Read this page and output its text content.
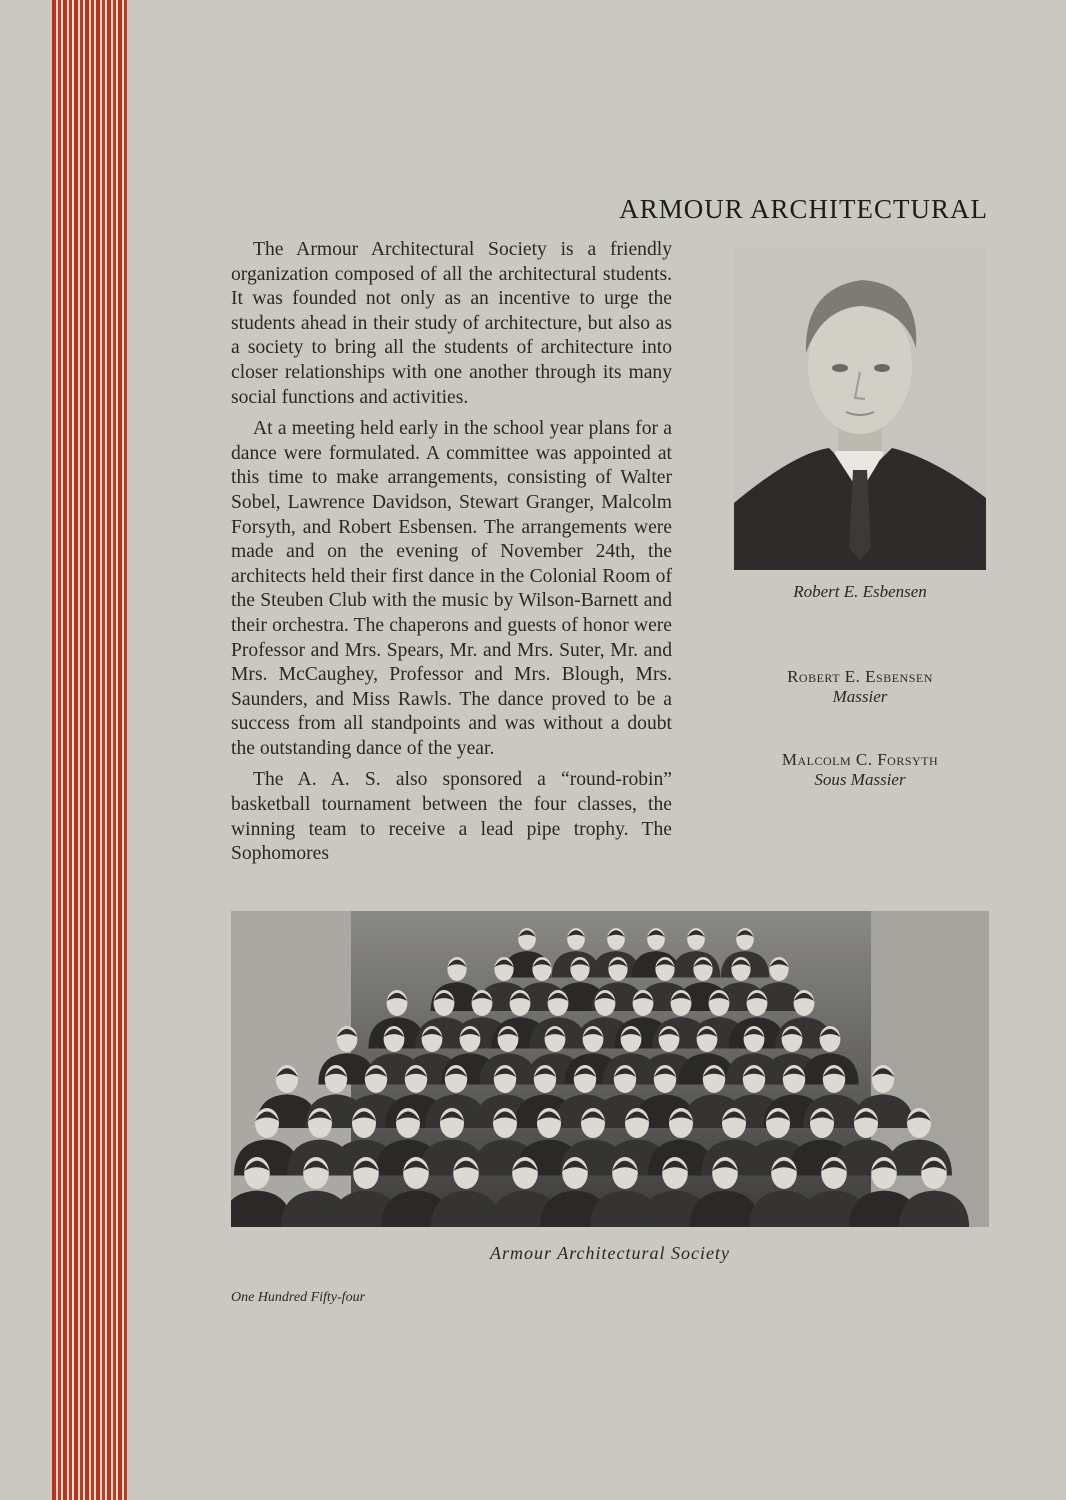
ARMOUR ARCHITECTURAL

The Armour Architectural Society is a friendly organization composed of all the architectural students. It was founded not only as an incentive to urge the students ahead in their study of architecture, but also as a society to bring all the students of architecture into closer relationships with one another through its many social functions and activities.

At a meeting held early in the school year plans for a dance were formulated. A committee was appointed at this time to make arrangements, consisting of Walter Sobel, Lawrence Davidson, Stewart Granger, Malcolm Forsyth, and Robert Esbensen. The arrangements were made and on the evening of November 24th, the architects held their first dance in the Colonial Room of the Steuben Club with the music by Wilson-Barnett and their orchestra. The chaperons and guests of honor were Professor and Mrs. Spears, Mr. and Mrs. Suter, Mr. and Mrs. McCaughey, Professor and Mrs. Blough, Mrs. Saunders, and Miss Rawls. The dance proved to be a success from all standpoints and was without a doubt the outstanding dance of the year.

The A. A. S. also sponsored a “round-robin” basketball tournament between the four classes, the winning team to receive a lead pipe trophy. The Sophomores

Robert E. Esbensen
Robert E. Esbensen
Massier
Malcolm C. Forsyth
Sous Massier
Armour Architectural Society
One Hundred Fifty-four
